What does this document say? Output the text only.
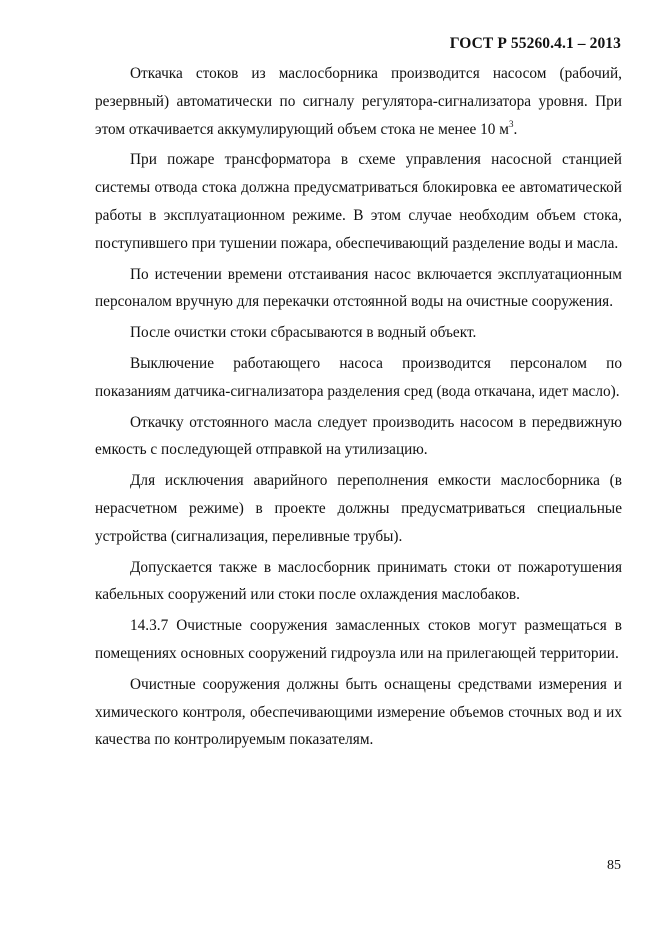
ГОСТ Р 55260.4.1 – 2013

Откачка стоков из маслосборника производится насосом (рабочий, резервный) автоматически по сигналу регулятора-сигнализатора уровня. При этом откачивается аккумулирующий объем стока не менее 10 $м^3$.

При пожаре трансформатора в схеме управления насосной станцией системы отвода стока должна предусматриваться блокировка ее автоматической работы в эксплуатационном режиме. В этом случае необходим объем стока, поступившего при тушении пожара, обеспечивающий разделение воды и масла.

По истечении времени отстаивания насос включается эксплуатационным персоналом вручную для перекачки отстоянной воды на очистные сооружения.

После очистки стоки сбрасываются в водный объект.

Выключение работающего насоса производится персоналом по показаниям датчика-сигнализатора разделения сред (вода откачана, идет масло).

Откачку отстоянного масла следует производить насосом в передвижную емкость с последующей отправкой на утилизацию.

Для исключения аварийного переполнения емкости маслосборника (в нерасчетном режиме) в проекте должны предусматриваться специальные устройства (сигнализация, переливные трубы).

Допускается также в маслосборник принимать стоки от пожаротушения кабельных сооружений или стоки после охлаждения маслобаков.

14.3.7 Очистные сооружения замасленных стоков могут размещаться в помещениях основных сооружений гидроузла или на прилегающей территории.

Очистные сооружения должны быть оснащены средствами измерения и химического контроля, обеспечивающими измерение объемов сточных вод и их качества по контролируемым показателям.

85
